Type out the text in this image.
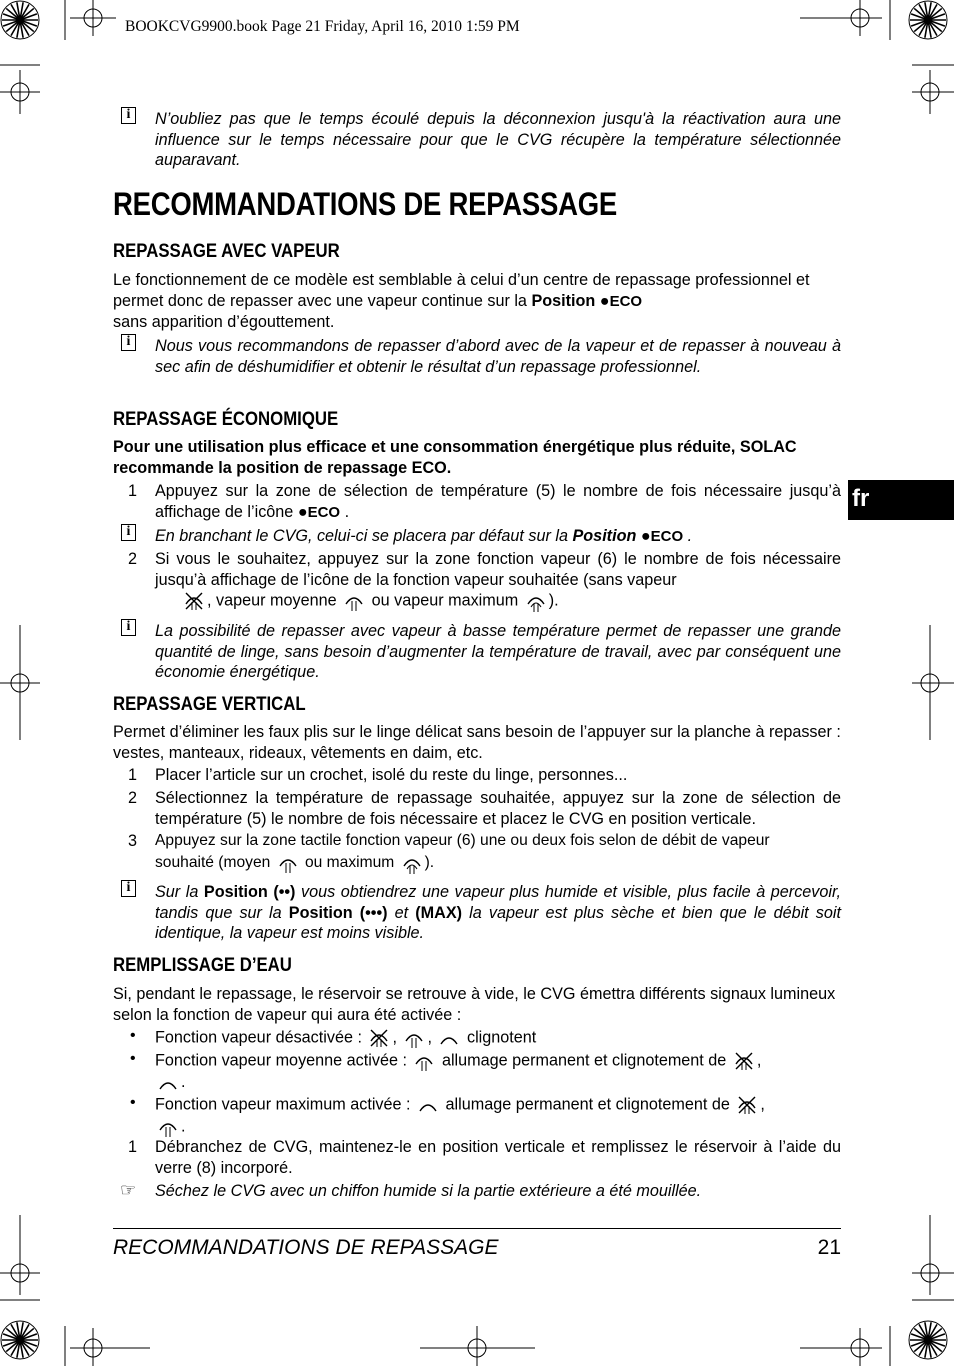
BOOKCVG9900.book Page 21 Friday, April 16, 2010 1:59 PM
fr
i	N’oubliez pas que le temps écoulé depuis la déconnexion jusqu'à la réactivation aura une influence sur le temps nécessaire pour que le CVG récupère la température sélectionnée auparavant.
RECOMMANDATIONS DE REPASSAGE
REPASSAGE AVEC VAPEUR
Le fonctionnement de ce modèle est semblable à celui d’un centre de repassage professionnel et permet donc de repasser avec une vapeur continue sur la Position ●ECO
sans apparition d’égouttement.
i	Nous vous recommandons de repasser d’abord avec de la vapeur et de repasser à nouveau à sec afin de déshumidifier et obtenir le résultat d’un repassage professionnel.
REPASSAGE ÉCONOMIQUE
Pour une utilisation plus efficace et une consommation énergétique plus réduite, SOLAC recommande la position de repassage ECO.
1 Appuyez sur la zone de sélection de température (5) le nombre de fois nécessaire jusqu’à affichage de l’icône ●ECO .
i	En branchant le CVG, celui-ci se placera par défaut sur la Position ●ECO .
2 Si vous le souhaitez, appuyez sur la zone fonction vapeur (6) le nombre de fois nécessaire jusqu’à affichage de l’icône de la fonction vapeur souhaitée (sans vapeur
, vapeur moyenne ou vapeur maximum ).
i	La possibilité de repasser avec vapeur à basse température permet de repasser une grande quantité de linge, sans besoin d’augmenter la température de travail, avec par conséquent une économie énergétique.
REPASSAGE VERTICAL
Permet d’éliminer les faux plis sur le linge délicat sans besoin de l’appuyer sur la planche à repasser : vestes, manteaux, rideaux, vêtements en daim, etc.
1 Placer l’article sur un crochet, isolé du reste du linge, personnes...
2 Sélectionnez la température de repassage souhaitée, appuyez sur la zone de sélection de température (5) le nombre de fois nécessaire et placez le CVG en position verticale.
3 Appuyez sur la zone tactile fonction vapeur (6) une ou deux fois selon de débit de vapeur
souhaité (moyen ou maximum ).
i	Sur la Position (••) vous obtiendrez une vapeur plus humide et visible, plus facile à percevoir, tandis que sur la Position (•••) et (MAX) la vapeur est plus sèche et bien que le débit soit identique, la vapeur est moins visible.
REMPLISSAGE D’EAU
Si, pendant le repassage, le réservoir se retrouve à vide, le CVG émettra différents signaux lumineux selon la fonction de vapeur qui aura été activée :
• Fonction vapeur désactivée : , ,  clignotent
• Fonction vapeur moyenne activée : allumage permanent et clignotement de ,
.
• Fonction vapeur maximum activée : allumage permanent et clignotement de ,
.
1 Débranchez de CVG, maintenez-le en position verticale et remplissez le réservoir à l’aide du verre (8) incorporé.
☞ Séchez le CVG avec un chiffon humide si la partie extérieure a été mouillée.
RECOMMANDATIONS DE REPASSAGE	21
